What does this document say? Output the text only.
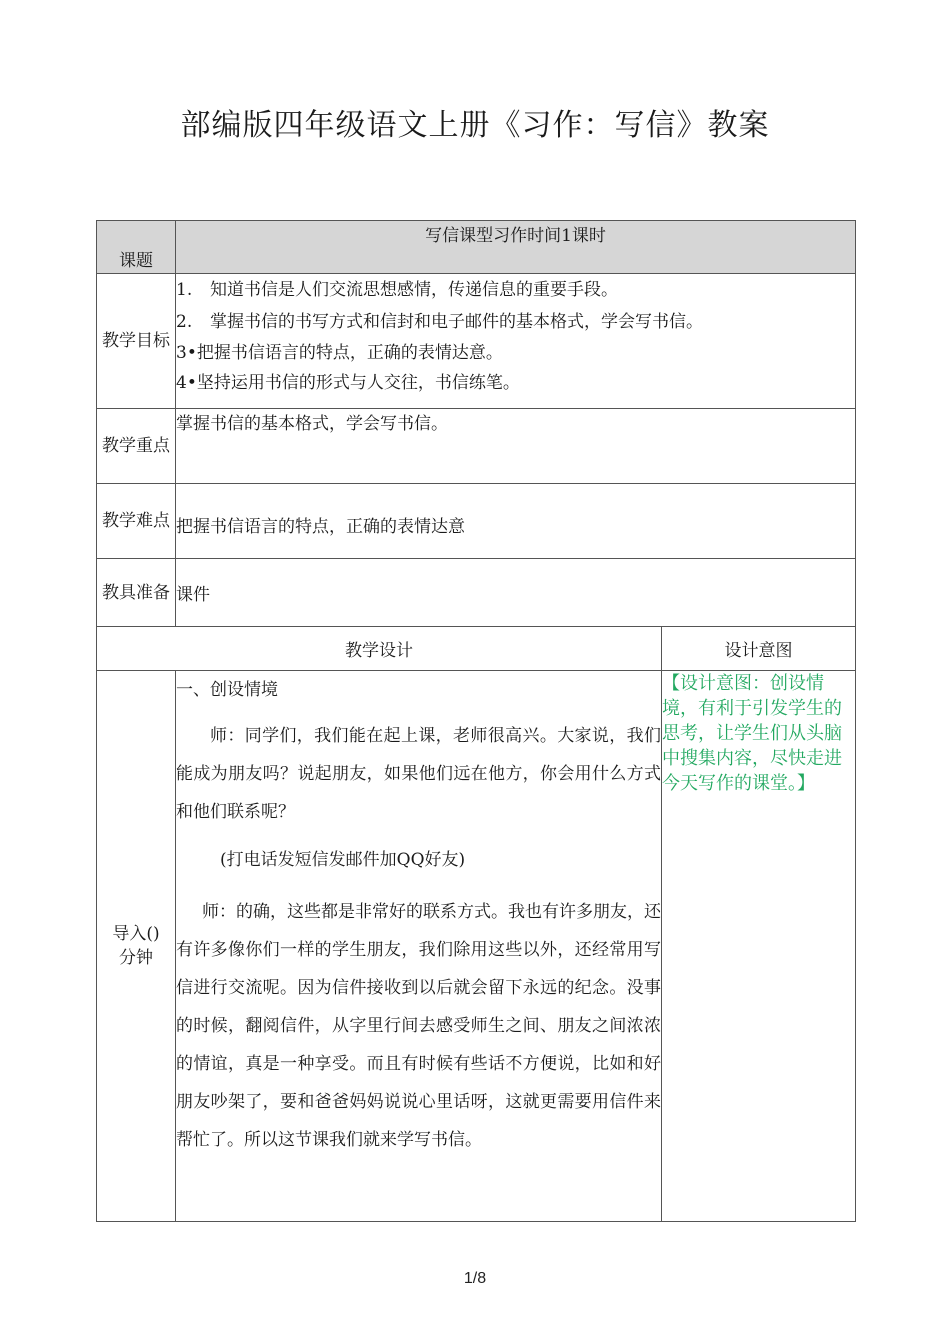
部编版四年级语文上册《习作：写信》教案
课题	写信课型习作时间1课时	
教学目标	1. 知道书信是人们交流思想感情，传递信息的重要手段。
2. 掌握书信的书写方式和信封和电子邮件的基本格式，学会写书信。
3•把握书信语言的特点，正确的表情达意。
4•坚持运用书信的形式与人交往，书信练笔。	

教学重点	掌握书信的基本格式，学会写书信。	
教学难点	把握书信语言的特点，正确的表情达意	
教具准备	课件	
教学设计		设计意图
导入()分钟	一、创设情境

师：同学们，我们能在起上课，老师很高兴。大家说，我们能成为朋友吗？说起朋友，如果他们远在他方，你会用什么方式和他们联系呢？

(打电话发短信发邮件加QQ好友)

师：的确，这些都是非常好的联系方式。我也有许多朋友，还有许多像你们一样的学生朋友，我们除用这些以外，还经常用写信进行交流呢。因为信件接收到以后就会留下永远的纪念。没事的时候，翻阅信件，从字里行间去感受师生之间、朋友之间浓浓的情谊，真是一种享受。而且有时候有些话不方便说，比如和好朋友吵架了，要和爸爸妈妈说说心里话呀，这就更需要用信件来帮忙了。所以这节课我们就来学写书信。	【设计意图：创设情境，有利于引发学生的思考，让学生们从头脑中搜集内容，尽快走进今天写作的课堂。】
1/8
